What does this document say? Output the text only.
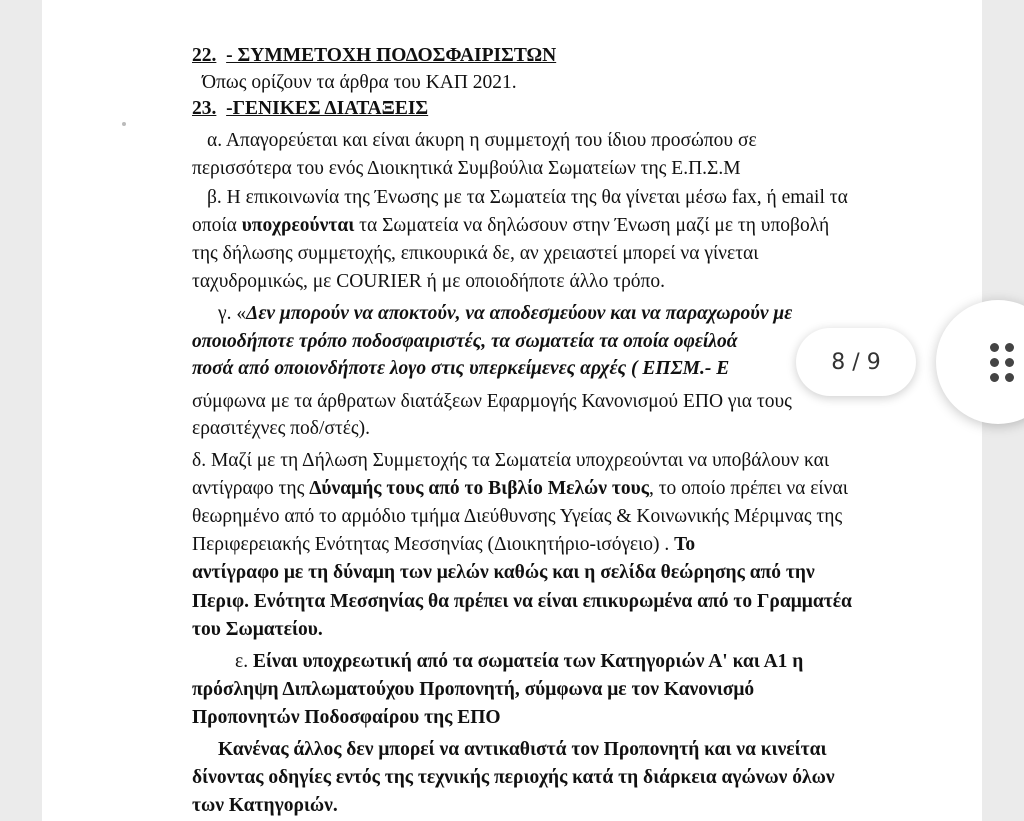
22. - ΣΥΜΜΕΤΟΧΗ ΠΟΔΟΣΦΑΙΡΙΣΤΩΝ
Όπως ορίζουν τα άρθρα του ΚΑΠ 2021.
23. -ΓΕΝΙΚΕΣ ΔΙΑΤΑΞΕΙΣ
α. Απαγορεύεται και είναι άκυρη η συμμετοχή του ίδιου προσώπου σε
περισσότερα του ενός Διοικητικά Συμβούλια Σωματείων της Ε.Π.Σ.Μ
β. Η επικοινωνία της Ένωσης με τα Σωματεία της θα γίνεται μέσω fax, ή email τα
οποία υποχρεούνται τα Σωματεία να δηλώσουν στην Ένωση μαζί με τη υποβολή
της δήλωσης συμμετοχής, επικουρικά δε, αν χρειαστεί μπορεί να γίνεται
ταχυδρομικώς, με COURIER ή με οποιοδήποτε άλλο τρόπο.
γ. «Δεν μπορούν να αποκτούν, να αποδεσμεύουν και να παραχωρούν με
οποιοδήποτε τρόπο ποδοσφαιριστές, τα σωματεία τα οποία οφείλοά
ποσά από οποιονδήποτε λογο στις υπερκείμενες αρχές ( ΕΠΣΜ.- Ε
σύμφωνα με τα άρθρατων διατάξεων Εφαρμογής Κανονισμού ΕΠΟ για τους
ερασιτέχνες ποδ/στές).
δ. Μαζί με τη Δήλωση Συμμετοχής τα Σωματεία υποχρεούνται να υποβάλουν και
αντίγραφο της Δύναμής τους από το Βιβλίο Μελών τους, το οποίο πρέπει να είναι
θεωρημένο από το αρμόδιο τμήμα Διεύθυνσης Υγείας & Κοινωνικής Μέριμνας της
Περιφερειακής Ενότητας Μεσσηνίας (Διοικητήριο-ισόγειο) . Το
αντίγραφο με τη δύναμη των μελών καθώς και η σελίδα θεώρησης από την
Περιφ. Ενότητα Μεσσηνίας θα πρέπει να είναι επικυρωμένα από το Γραμματέα
του Σωματείου.
ε. Είναι υποχρεωτική από τα σωματεία των Κατηγοριών Α' και Α1 η
πρόσληψη Διπλωματούχου Προπονητή, σύμφωνα με τον Κανονισμό
Προπονητών Ποδοσφαίρου της ΕΠΟ
Κανένας άλλος δεν μπορεί να αντικαθιστά τον Προπονητή και να κινείται
δίνοντας οδηγίες εντός της τεχνικής περιοχής κατά τη διάρκεια αγώνων όλων
των Κατηγοριών.
8 / 9
